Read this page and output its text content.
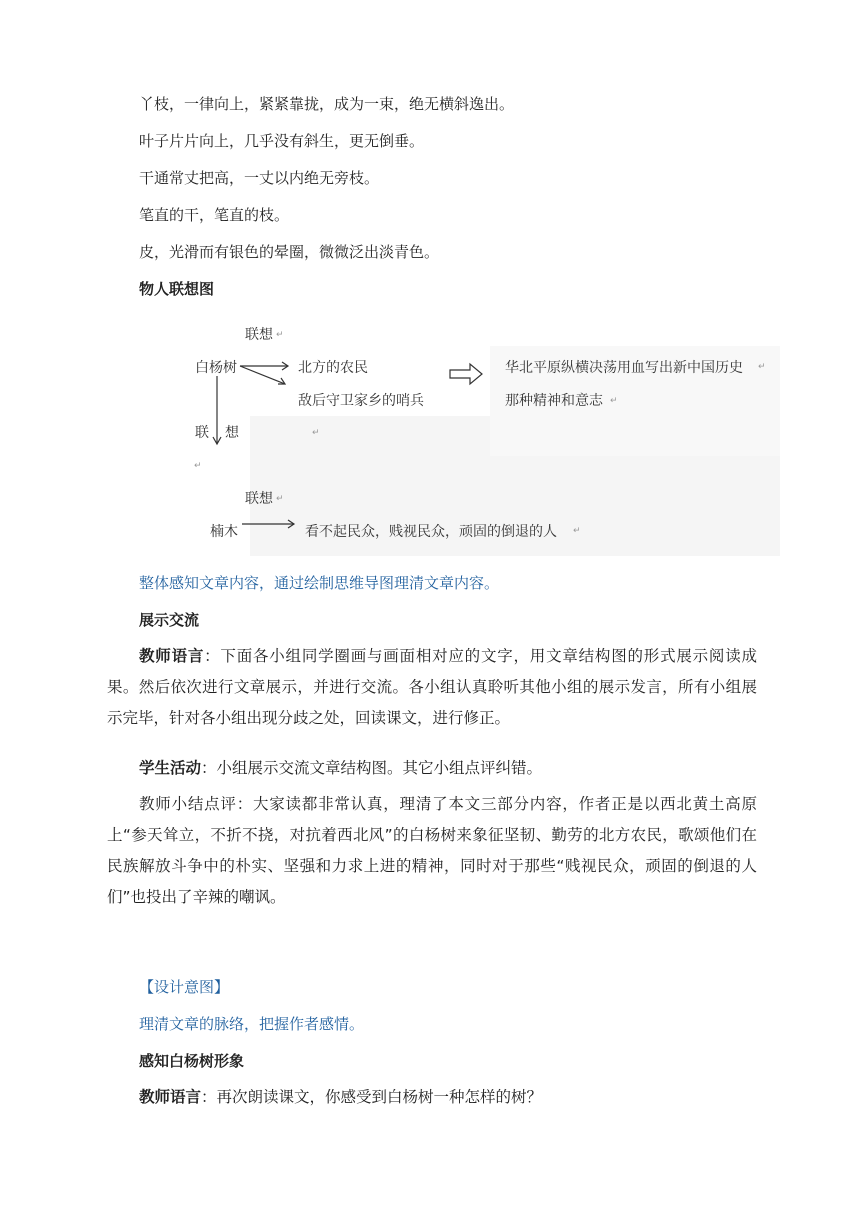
丫枝，一律向上，紧紧靠拢，成为一束，绝无横斜逸出。
叶子片片向上，几乎没有斜生，更无倒垂。
干通常丈把高，一丈以内绝无旁枝。
笔直的干，笔直的枝。
皮，光滑而有银色的晕圈，微微泛出淡青色。
物人联想图
联想
白杨树	北方的农民
敌后守卫家乡的哨兵
华北平原纵横决荡用血写出新中国历史
那种精神和意志
联 想
联想
楠木	看不起民众，贱视民众，顽固的倒退的人
↵
↵
↵
↵
↵
↵
↵
整体感知文章内容，通过绘制思维导图理清文章内容。
展示交流
教师语言：下面各小组同学圈画与画面相对应的文字，用文章结构图的形式展示阅读成果。然后依次进行文章展示，并进行交流。各小组认真聆听其他小组的展示发言，所有小组展示完毕，针对各小组出现分歧之处，回读课文，进行修正。
学生活动：小组展示交流文章结构图。其它小组点评纠错。
教师小结点评：大家读都非常认真，理清了本文三部分内容，作者正是以西北黄土高原上“参天耸立，不折不挠，对抗着西北风”的白杨树来象征坚韧、勤劳的北方农民，歌颂他们在民族解放斗争中的朴实、坚强和力求上进的精神，同时对于那些“贱视民众，顽固的倒退的人们”也投出了辛辣的嘲讽。
【设计意图】
理清文章的脉络，把握作者感情。
感知白杨树形象
教师语言：再次朗读课文，你感受到白杨树一种怎样的树？
